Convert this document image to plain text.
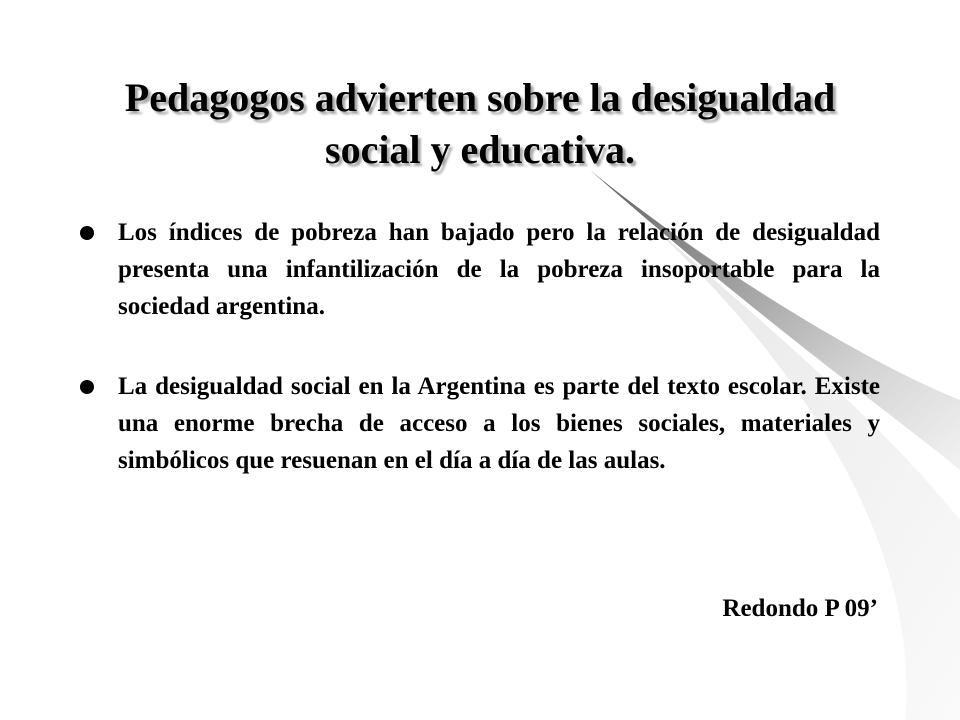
Pedagogos advierten sobre la desigualdad social y educativa.
Los índices de pobreza han bajado pero la relación de desigualdad presenta una infantilización de la pobreza insoportable para la sociedad argentina.
La desigualdad social en la Argentina es parte del texto escolar. Existe una enorme brecha de acceso a los bienes sociales, materiales y simbólicos que resuenan en el día a día de las aulas.
Redondo P 09’
